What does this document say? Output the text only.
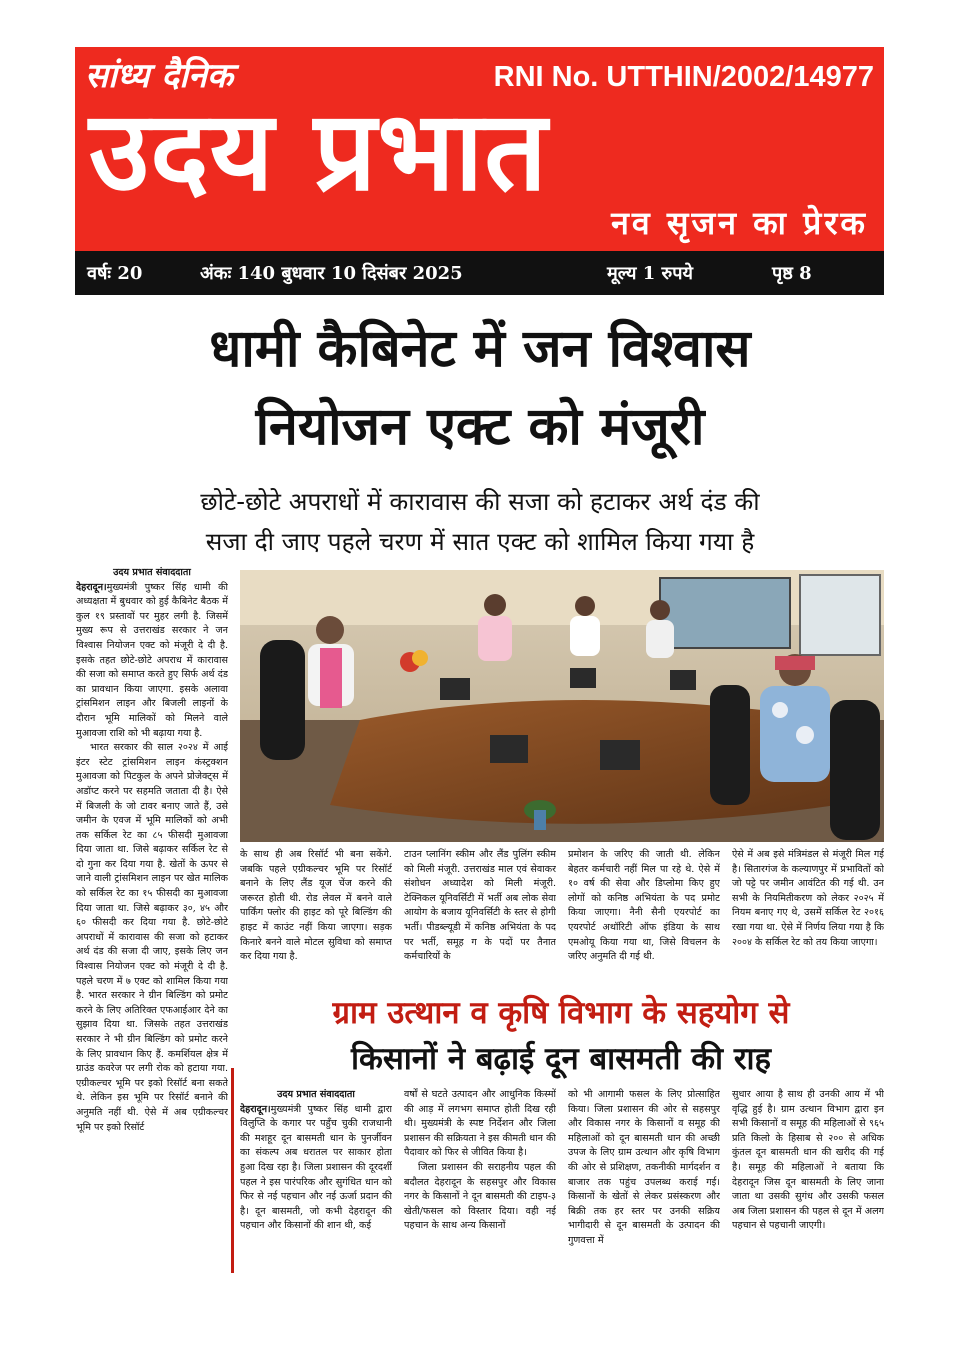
सांध्य दैनिक	RNI No. UTTHIN/2002/14977
उदय प्रभात
नव सृजन का प्रेरक
वर्षः 20	अंकः 140 बुधवार 10 दिसंबर 2025	मूल्य 1 रुपये	पृष्ठ 8
धामी कैबिनेट में जन विश्वास
नियोजन एक्ट को मंजूरी
छोटे-छोटे अपराधों में कारावास की सजा को हटाकर अर्थ दंड की
सजा दी जाए पहले चरण में सात एक्ट को शामिल किया गया है
उदय प्रभात संवाददाता

देहरादून।मुख्यमंत्री पुष्कर सिंह धामी की अध्यक्षता में बुधवार को हुई कैबिनेट बैठक में कुल १९ प्रस्तावों पर मुहर लगी है. जिसमें मुख्य रूप से उत्तराखंड सरकार ने जन विश्वास नियोजन एक्ट को मंजूरी दे दी है. इसके तहत छोटे-छोटे अपराध में कारावास की सजा को समाप्त करते हुए सिर्फ अर्थ दंड का प्रावधान किया जाएगा. इसके अलावा ट्रांसमिशन लाइन और बिजली लाइनों के दौरान भूमि मालिकों को मिलने वाले मुआवजा राशि को भी बढ़ाया गया है.

भारत सरकार की साल २०२४ में आई इंटर स्टेट ट्रांसमिशन लाइन कंस्ट्रक्शन मुआवजा को पिटकुल के अपने प्रोजेक्ट्स में अडॉप्ट करने पर सहमति जताता दी है। ऐसे में बिजली के जो टावर बनाए जाते हैं, उसे जमीन के एवज में भूमि मालिकों को अभी तक सर्किल रेट का ८५ फीसदी मुआवजा दिया जाता था. जिसे बढ़ाकर सर्किल रेट से दो गुना कर दिया गया है. खेतों के ऊपर से जाने वाली ट्रांसमिशन लाइन पर खेत मालिक को सर्किल रेट का १५ फीसदी का मुआवजा दिया जाता था. जिसे बढ़ाकर ३०, ४५ और ६० फीसदी कर दिया गया है. छोटे-छोटे अपराधों में कारावास की सजा को हटाकर अर्थ दंड की सजा दी जाए, इसके लिए जन विश्वास नियोजन एक्ट को मंजूरी दे दी है. पहले चरण में ७ एक्ट को शामिल किया गया है. भारत सरकार ने ग्रीन बिल्डिंग को प्रमोट करने के लिए अतिरिक्त एफआईआर देने का सुझाव दिया था. जिसके तहत उत्तराखंड सरकार ने भी ग्रीन बिल्डिंग को प्रमोट करने के लिए प्रावधान किए हैं. कमर्शियल क्षेत्र में ग्राउंड कवरेज पर लगी रोक को हटाया गया. एग्रीकल्चर भूमि पर इको रिसॉर्ट बना सकते थे. लेकिन इस भूमि पर रिसॉर्ट बनाने की अनुमति नहीं थी. ऐसे में अब एग्रीकल्चर भूमि पर इको रिसॉर्ट

के साथ ही अब रिसॉर्ट भी बना सकेंगे. जबकि पहले एग्रीकल्चर भूमि पर रिसॉर्ट बनाने के लिए लैंड यूज चेंज करने की जरूरत होती थी. रोड लेवल में बनने वाले पार्किंग फ्लोर की हाइट को पूरे बिल्डिंग की हाइट में काउंट नहीं किया जाएगा। सड़क किनारे बनने वाले मोटल सुविधा को समाप्त कर दिया गया है.

टाउन प्लानिंग स्कीम और लैंड पुलिंग स्कीम को मिली मंजूरी. उत्तराखंड माल एवं सेवाकर संशोधन अध्यादेश को मिली मंजूरी. टेक्निकल यूनिवर्सिटी में भर्ती अब लोक सेवा आयोग के बजाय यूनिवर्सिटी के स्तर से होगी भर्ती। पीडब्ल्यूडी में कनिष्ठ अभियंता के पद पर भर्ती, समूह ग के पदों पर तैनात कर्मचारियों के

प्रमोशन के जरिए की जाती थी. लेकिन बेहतर कर्मचारी नहीं मिल पा रहे थे. ऐसे में १० वर्ष की सेवा और डिप्लोमा किए हुए लोगों को कनिष्ठ अभियंता के पद प्रमोट किया जाएगा। नैनी सैनी एयरपोर्ट का एयरपोर्ट अथॉरिटी ऑफ इंडिया के साथ एमओयू किया गया था, जिसे विचलन के जरिए अनुमति दी गई थी.

ऐसे में अब इसे मंत्रिमंडल से मंजूरी मिल गई है। सितारगंज के कल्याणपुर में प्रभावितों को जो पट्टे पर जमीन आवंटित की गई थी. उन सभी के नियमितीकरण को लेकर २०२५ में नियम बनाए गए थे, उसमें सर्किल रेट २०१६ रखा गया था. ऐसे में निर्णय लिया गया है कि २००४ के सर्किल रेट को तय किया जाएगा।

ग्राम उत्थान व कृषि विभाग के सहयोग से
किसानों ने बढ़ाई दून बासमती की राह
उदय प्रभात संवाददाता

देहरादून।मुख्यमंत्री पुष्कर सिंह धामी द्वारा विलुप्ति के कगार पर पहुँच चुकी राजधानी की मशहूर दून बासमती धान के पुनर्जीवन का संकल्प अब धरातल पर साकार होता हुआ दिख रहा है। जिला प्रशासन की दूरदर्शी पहल ने इस पारंपरिक और सुगंधित धान को फिर से नई पहचान और नई ऊर्जा प्रदान की है। दून बासमती, जो कभी देहरादून की पहचान और किसानों की शान थी, कई

वर्षों से घटते उत्पादन और आधुनिक किस्मों की आड़ में लगभग समाप्त होती दिख रही थी। मुख्यमंत्री के स्पष्ट निर्देशन और जिला प्रशासन की सक्रियता ने इस कीमती धान की पैदावार को फिर से जीवित किया है।

जिला प्रशासन की सराहनीय पहल की बदौलत देहरादून के सहसपुर और विकास नगर के किसानों ने दून बासमती की टाइप-३ खेती/फसल को विस्तार दिया। वही नई पहचान के साथ अन्य किसानों

को भी आगामी फसल के लिए प्रोत्साहित किया। जिला प्रशासन की ओर से सहसपुर और विकास नगर के किसानों व समूह की महिलाओं को दून बासमती धान की अच्छी उपज के लिए ग्राम उत्थान और कृषि विभाग की ओर से प्रशिक्षण, तकनीकी मार्गदर्शन व बाजार तक पहुंच उपलब्ध कराई गई। किसानों के खेतों से लेकर प्रसंस्करण और बिक्री तक हर स्तर पर उनकी सक्रिय भागीदारी से दून बासमती के उत्पादन की गुणवत्ता में

सुधार आया है साथ ही उनकी आय में भी वृद्धि हुई है। ग्राम उत्थान विभाग द्वारा इन सभी किसानों व समूह की महिलाओं से ९६५ प्रति किलो के हिसाब से २०० से अधिक कुंतल दून बासमती धान की खरीद की गई है। समूह की महिलाओं ने बताया कि देहरादून जिस दून बासमती के लिए जाना जाता था उसकी सुगंध और उसकी फसल अब जिला प्रशासन की पहल से दून में अलग पहचान से पहचानी जाएगी।
